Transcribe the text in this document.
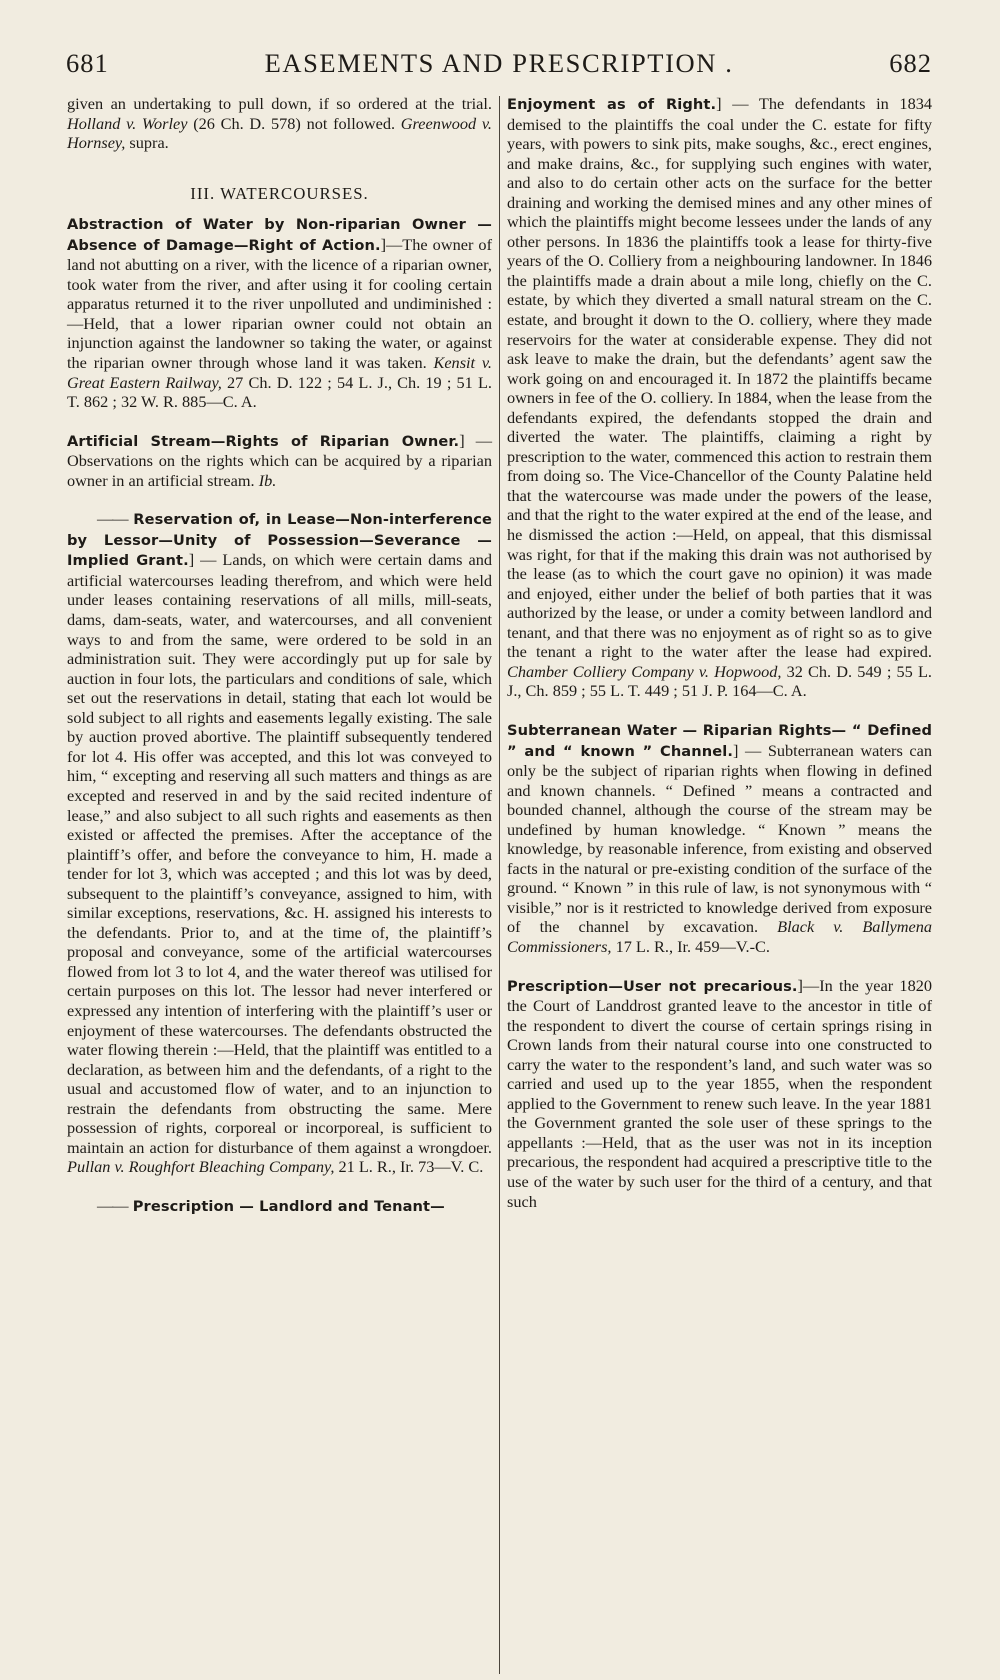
681	EASEMENTS AND PRESCRIPTION .	682

given an undertaking to pull down, if so ordered at the trial. Holland v. Worley (26 Ch. D. 578) not followed. Greenwood v. Hornsey, supra.

III. WATERCOURSES.

Abstraction of Water by Non-riparian Owner —Absence of Damage—Right of Action.]—The owner of land not abutting on a river, with the licence of a riparian owner, took water from the river, and after using it for cooling certain apparatus returned it to the river unpolluted and undiminished :—Held, that a lower riparian owner could not obtain an injunction against the landowner so taking the water, or against the riparian owner through whose land it was taken. Kensit v. Great Eastern Railway, 27 Ch. D. 122 ; 54 L. J., Ch. 19 ; 51 L. T. 862 ; 32 W. R. 885—C. A.

Artificial Stream—Rights of Riparian Owner.] —Observations on the rights which can be acquired by a riparian owner in an artificial stream. Ib.

—— Reservation of, in Lease—Non-interference by Lessor—Unity of Possession—Severance —Implied Grant.] — Lands, on which were certain dams and artificial watercourses leading therefrom, and which were held under leases containing reservations of all mills, mill-seats, dams, dam-seats, water, and watercourses, and all convenient ways to and from the same, were ordered to be sold in an administration suit. They were accordingly put up for sale by auction in four lots, the particulars and conditions of sale, which set out the reservations in detail, stating that each lot would be sold subject to all rights and easements legally existing. The sale by auction proved abortive. The plaintiff subsequently tendered for lot 4. His offer was accepted, and this lot was conveyed to him, “ excepting and reserving all such matters and things as are excepted and reserved in and by the said recited indenture of lease,” and also subject to all such rights and easements as then existed or affected the premises. After the acceptance of the plaintiff’s offer, and before the conveyance to him, H. made a tender for lot 3, which was accepted ; and this lot was by deed, subsequent to the plaintiff’s conveyance, assigned to him, with similar exceptions, reservations, &c. H. assigned his interests to the defendants. Prior to, and at the time of, the plaintiff’s proposal and conveyance, some of the artificial watercourses flowed from lot 3 to lot 4, and the water thereof was utilised for certain purposes on this lot. The lessor had never interfered or expressed any intention of interfering with the plaintiff’s user or enjoyment of these watercourses. The defendants obstructed the water flowing therein :—Held, that the plaintiff was entitled to a declaration, as between him and the defendants, of a right to the usual and accustomed flow of water, and to an injunction to restrain the defendants from obstructing the same. Mere possession of rights, corporeal or incorporeal, is sufficient to maintain an action for disturbance of them against a wrongdoer. Pullan v. Roughfort Bleaching Company, 21 L. R., Ir. 73—V. C.

—— Prescription — Landlord and Tenant—

Enjoyment as of Right.] — The defendants in 1834 demised to the plaintiffs the coal under the C. estate for fifty years, with powers to sink pits, make soughs, &c., erect engines, and make drains, &c., for supplying such engines with water, and also to do certain other acts on the surface for the better draining and working the demised mines and any other mines of which the plaintiffs might become lessees under the lands of any other persons. In 1836 the plaintiffs took a lease for thirty-five years of the O. Colliery from a neighbouring landowner. In 1846 the plaintiffs made a drain about a mile long, chiefly on the C. estate, by which they diverted a small natural stream on the C. estate, and brought it down to the O. colliery, where they made reservoirs for the water at considerable expense. They did not ask leave to make the drain, but the defendants’ agent saw the work going on and encouraged it. In 1872 the plaintiffs became owners in fee of the O. colliery. In 1884, when the lease from the defendants expired, the defendants stopped the drain and diverted the water. The plaintiffs, claiming a right by prescription to the water, commenced this action to restrain them from doing so. The Vice-Chancellor of the County Palatine held that the watercourse was made under the powers of the lease, and that the right to the water expired at the end of the lease, and he dismissed the action :—Held, on appeal, that this dismissal was right, for that if the making this drain was not authorised by the lease (as to which the court gave no opinion) it was made and enjoyed, either under the belief of both parties that it was authorized by the lease, or under a comity between landlord and tenant, and that there was no enjoyment as of right so as to give the tenant a right to the water after the lease had expired. Chamber Colliery Company v. Hopwood, 32 Ch. D. 549 ; 55 L. J., Ch. 859 ; 55 L. T. 449 ; 51 J. P. 164—C. A.

Subterranean Water — Riparian Rights— “ Defined ” and “ known ” Channel.] — Subterranean waters can only be the subject of riparian rights when flowing in defined and known channels. “ Defined ” means a contracted and bounded channel, although the course of the stream may be undefined by human knowledge. “ Known ” means the knowledge, by reasonable inference, from existing and observed facts in the natural or pre-existing condition of the surface of the ground. “ Known ” in this rule of law, is not synonymous with “ visible,” nor is it restricted to knowledge derived from exposure of the channel by excavation. Black v. Ballymena Commissioners, 17 L. R., Ir. 459—V.-C.

Prescription—User not precarious.]—In the year 1820 the Court of Landdrost granted leave to the ancestor in title of the respondent to divert the course of certain springs rising in Crown lands from their natural course into one constructed to carry the water to the respondent’s land, and such water was so carried and used up to the year 1855, when the respondent applied to the Government to renew such leave. In the year 1881 the Government granted the sole user of these springs to the appellants :—Held, that as the user was not in its inception precarious, the respondent had acquired a prescriptive title to the use of the water by such user for the third of a century, and that such
